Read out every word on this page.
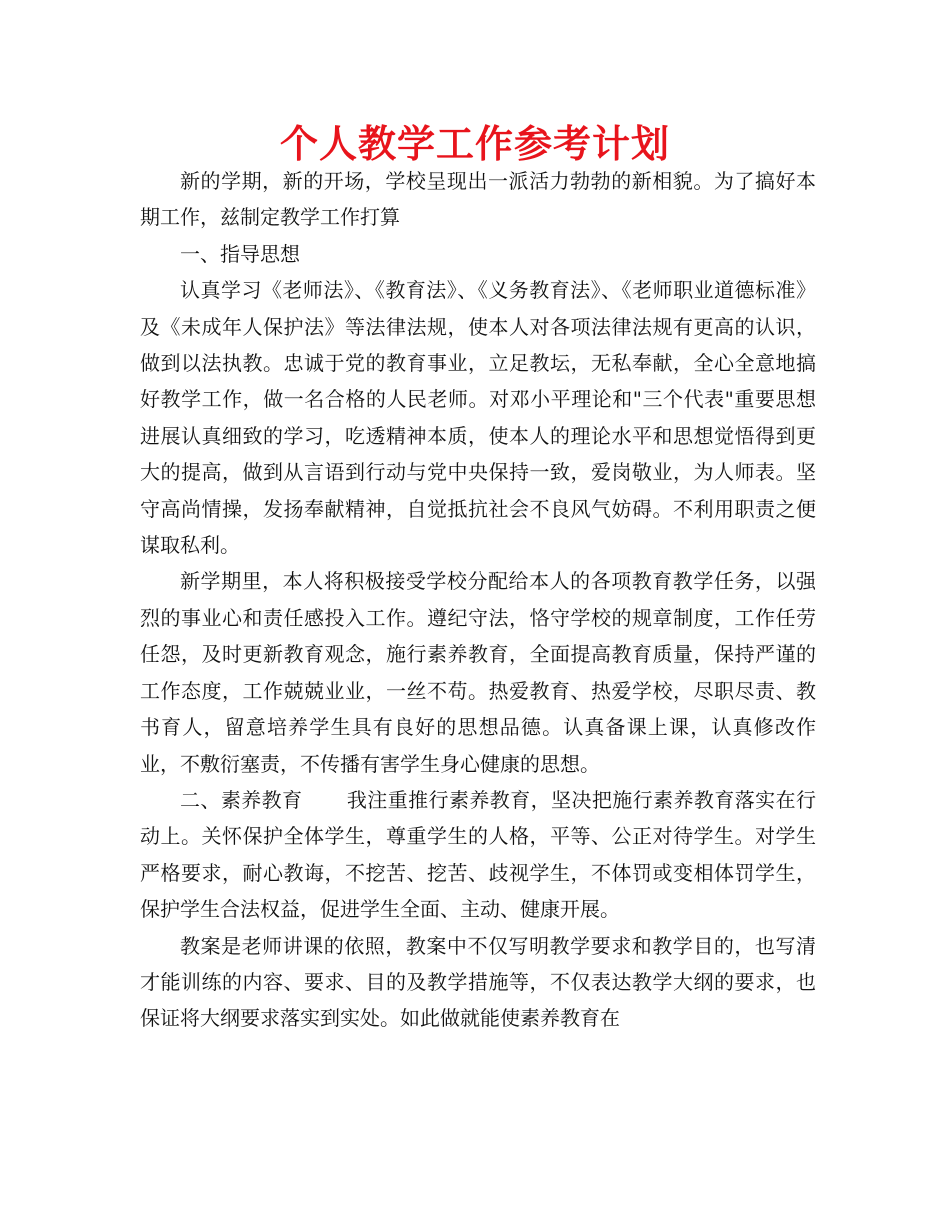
个人教学工作参考计划

新的学期，新的开场，学校呈现出一派活力勃勃的新相貌。为了搞好本期工作，兹制定教学工作打算

一、指导思想

认真学习《老师法》、《教育法》、《义务教育法》、《老师职业道德标准》及《未成年人保护法》等法律法规，使本人对各项法律法规有更高的认识，做到以法执教。忠诚于党的教育事业，立足教坛，无私奉献，全心全意地搞好教学工作，做一名合格的人民老师。对邓小平理论和"三个代表"重要思想进展认真细致的学习，吃透精神本质，使本人的理论水平和思想觉悟得到更大的提高，做到从言语到行动与党中央保持一致，爱岗敬业，为人师表。坚守高尚情操，发扬奉献精神，自觉抵抗社会不良风气妨碍。不利用职责之便谋取私利。

新学期里，本人将积极接受学校分配给本人的各项教育教学任务，以强烈的事业心和责任感投入工作。遵纪守法，恪守学校的规章制度，工作任劳任怨，及时更新教育观念，施行素养教育，全面提高教育质量，保持严谨的工作态度，工作兢兢业业，一丝不苟。热爱教育、热爱学校，尽职尽责、教书育人，留意培养学生具有良好的思想品德。认真备课上课，认真修改作业，不敷衍塞责，不传播有害学生身心健康的思想。

二、素养教育 我注重推行素养教育，坚决把施行素养教育落实在行动上。关怀保护全体学生，尊重学生的人格，平等、公正对待学生。对学生严格要求，耐心教诲，不挖苦、挖苦、歧视学生，不体罚或变相体罚学生，保护学生合法权益，促进学生全面、主动、健康开展。

教案是老师讲课的依照，教案中不仅写明教学要求和教学目的，也写清才能训练的内容、要求、目的及教学措施等，不仅表达教学大纲的要求，也保证将大纲要求落实到实处。如此做就能使素养教育在
